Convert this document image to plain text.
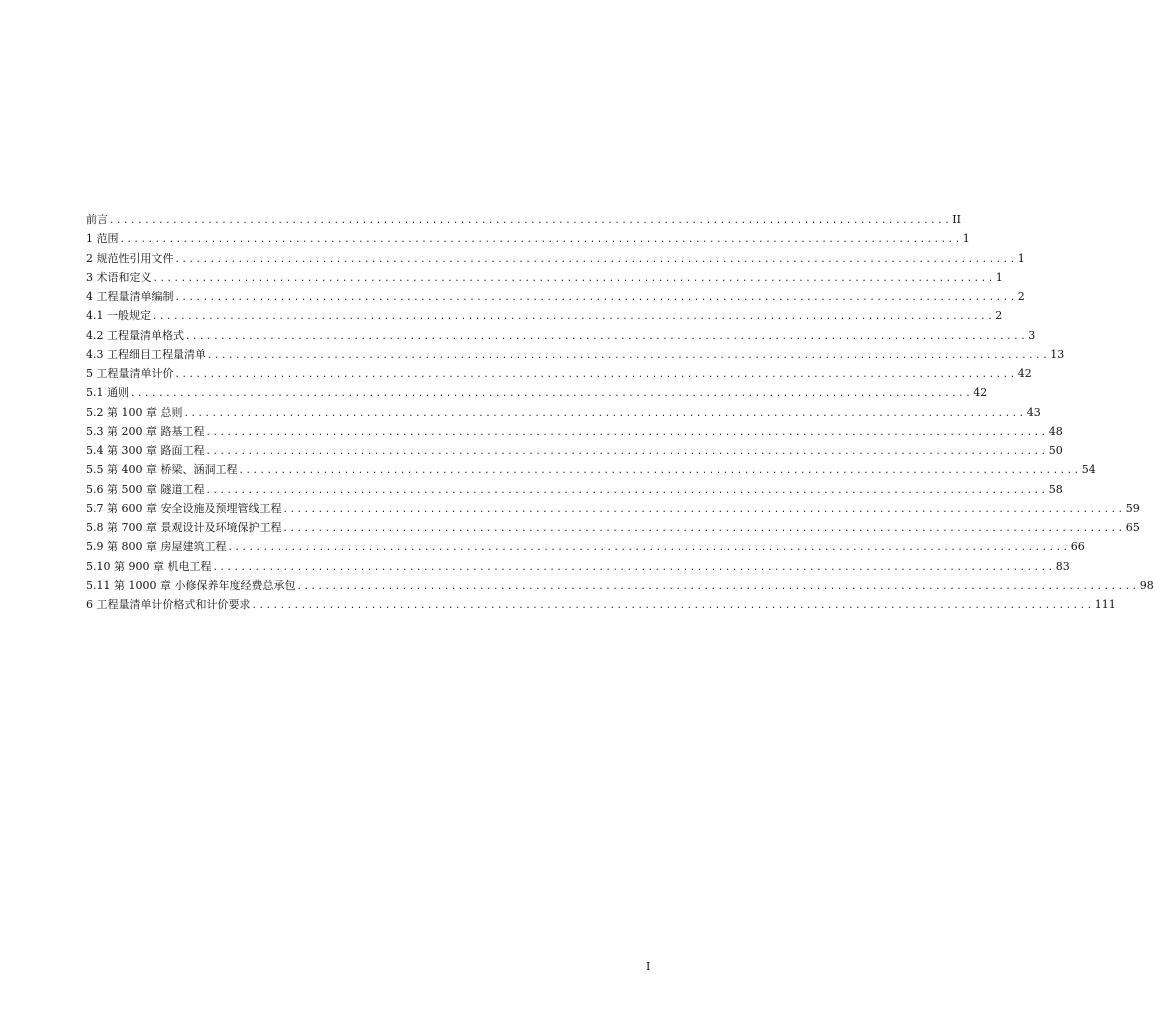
前言 ........................................................................................................................ II
1 范围 ........................................................................................................................ 1
2 规范性引用文件 ........................................................................................................................ 1
3 术语和定义 ........................................................................................................................ 1
4 工程量清单编制 ........................................................................................................................ 2
4.1 一般规定 ........................................................................................................................ 2
4.2 工程量清单格式 ........................................................................................................................ 3
4.3 工程细目工程量清单 ........................................................................................................................ 13
5 工程量清单计价 ........................................................................................................................ 42
5.1 通则 ........................................................................................................................ 42
5.2 第 100 章 总则 ........................................................................................................................ 43
5.3 第 200 章 路基工程 ........................................................................................................................ 48
5.4 第 300 章 路面工程 ........................................................................................................................ 50
5.5 第 400 章 桥梁、涵洞工程 ........................................................................................................................ 54
5.6 第 500 章 隧道工程 ........................................................................................................................ 58
5.7 第 600 章 安全设施及预埋管线工程 ........................................................................................................................ 59
5.8 第 700 章 景观设计及环境保护工程 ........................................................................................................................ 65
5.9 第 800 章 房屋建筑工程 ........................................................................................................................ 66
5.10 第 900 章 机电工程 ........................................................................................................................ 83
5.11 第 1000 章 小修保养年度经费总承包 ........................................................................................................................ 98
6 工程量清单计价格式和计价要求 ........................................................................................................................ 111
I
